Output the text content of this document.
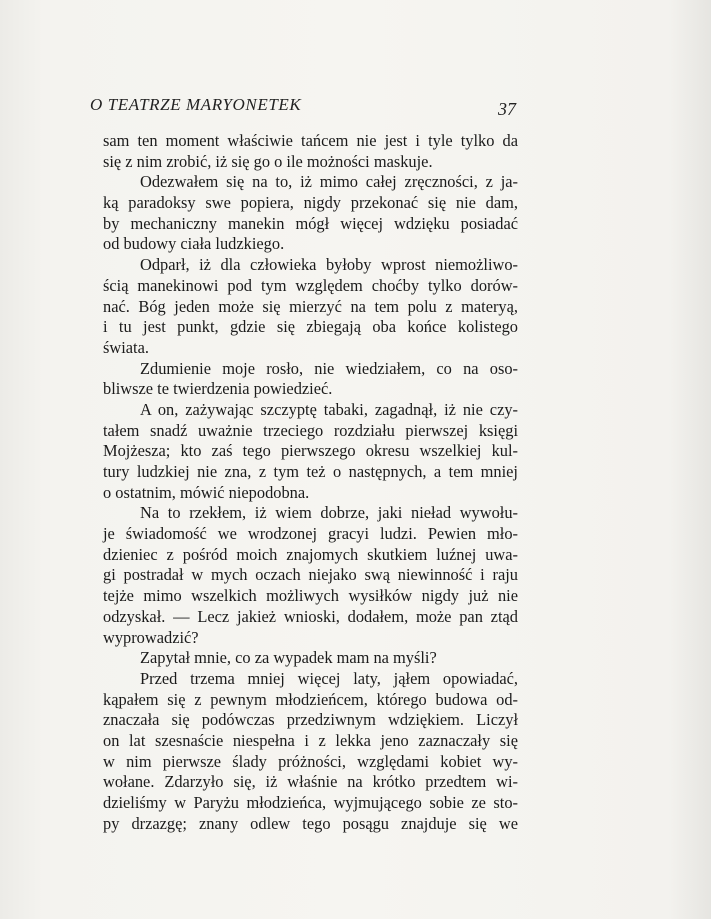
O TEATRZE MARYONETEK	37
sam ten moment właściwie tańcem nie jest i tyle tylko da
się z nim zrobić, iż się go o ile możności maskuje.
Odezwałem się na to, iż mimo całej zręczności, z ja-
ką paradoksy swe popiera, nigdy przekonać się nie dam,
by mechaniczny manekin mógł więcej wdzięku posiadać
od budowy ciała ludzkiego.
Odparł, iż dla człowieka byłoby wprost niemożliwo-
ścią manekinowi pod tym względem choćby tylko dorów-
nać. Bóg jeden może się mierzyć na tem polu z materyą,
i tu jest punkt, gdzie się zbiegają oba końce kolistego
świata.
Zdumienie moje rosło, nie wiedziałem, co na oso-
bliwsze te twierdzenia powiedzieć.
A on, zażywając szczyptę tabaki, zagadnął, iż nie czy-
tałem snadź uważnie trzeciego rozdziału pierwszej księgi
Mojżesza; kto zaś tego pierwszego okresu wszelkiej kul-
tury ludzkiej nie zna, z tym też o następnych, a tem mniej
o ostatnim, mówić niepodobna.
Na to rzekłem, iż wiem dobrze, jaki nieład wywołu-
je świadomość we wrodzonej gracyi ludzi. Pewien mło-
dzieniec z pośród moich znajomych skutkiem luźnej uwa-
gi postradał w mych oczach niejako swą niewinność i raju
tejże mimo wszelkich możliwych wysiłków nigdy już nie
odzyskał. — Lecz jakież wnioski, dodałem, może pan ztąd
wyprowadzić?
Zapytał mnie, co za wypadek mam na myśli?
Przed trzema mniej więcej laty, jąłem opowiadać,
kąpałem się z pewnym młodzieńcem, którego budowa od-
znaczała się podówczas przedziwnym wdziękiem. Liczył
on lat szesnaście niespełna i z lekka jeno zaznaczały się
w nim pierwsze ślady próżności, względami kobiet wy-
wołane. Zdarzyło się, iż właśnie na krótko przedtem wi-
dzieliśmy w Paryżu młodzieńca, wyjmującego sobie ze sto-
py drzazgę; znany odlew tego posągu znajduje się we
